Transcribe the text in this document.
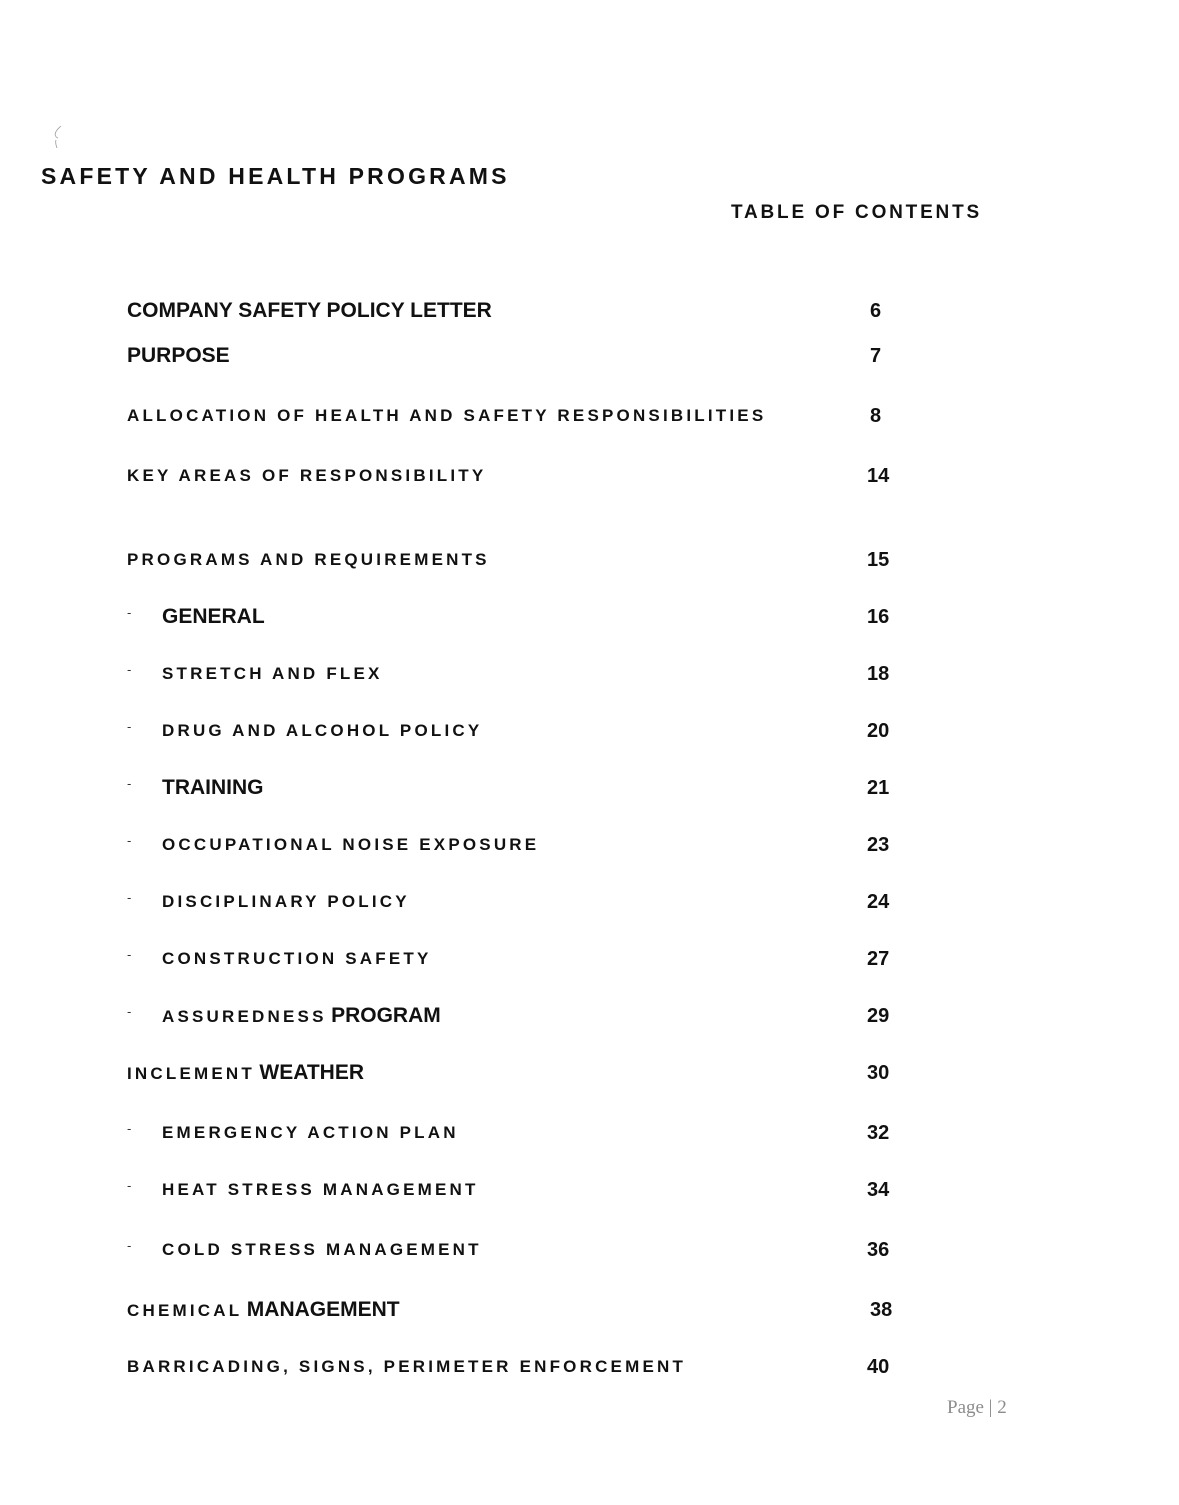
SAFETY AND HEALTH PROGRAMS
TABLE OF CONTENTS
COMPANY SAFETY POLICY LETTER	6
PURPOSE	7
ALLOCATION OF HEALTH AND SAFETY RESPONSIBILITIES	8
KEY AREAS OF RESPONSIBILITY	14
PROGRAMS AND REQUIREMENTS	15
- GENERAL	16
- STRETCH AND FLEX	18
- DRUG AND ALCOHOL POLICY	20
- TRAINING	21
- OCCUPATIONAL NOISE EXPOSURE	23
- DISCIPLINARY POLICY	24
- CONSTRUCTION SAFETY	27
- ASSUREDNESS PROGRAM	29
INCLEMENT WEATHER	30
- EMERGENCY ACTION PLAN	32
- HEAT STRESS MANAGEMENT	34
- COLD STRESS MANAGEMENT	36
CHEMICAL MANAGEMENT	38
BARRICADING, SIGNS, PERIMETER ENFORCEMENT	40
Page | 2
